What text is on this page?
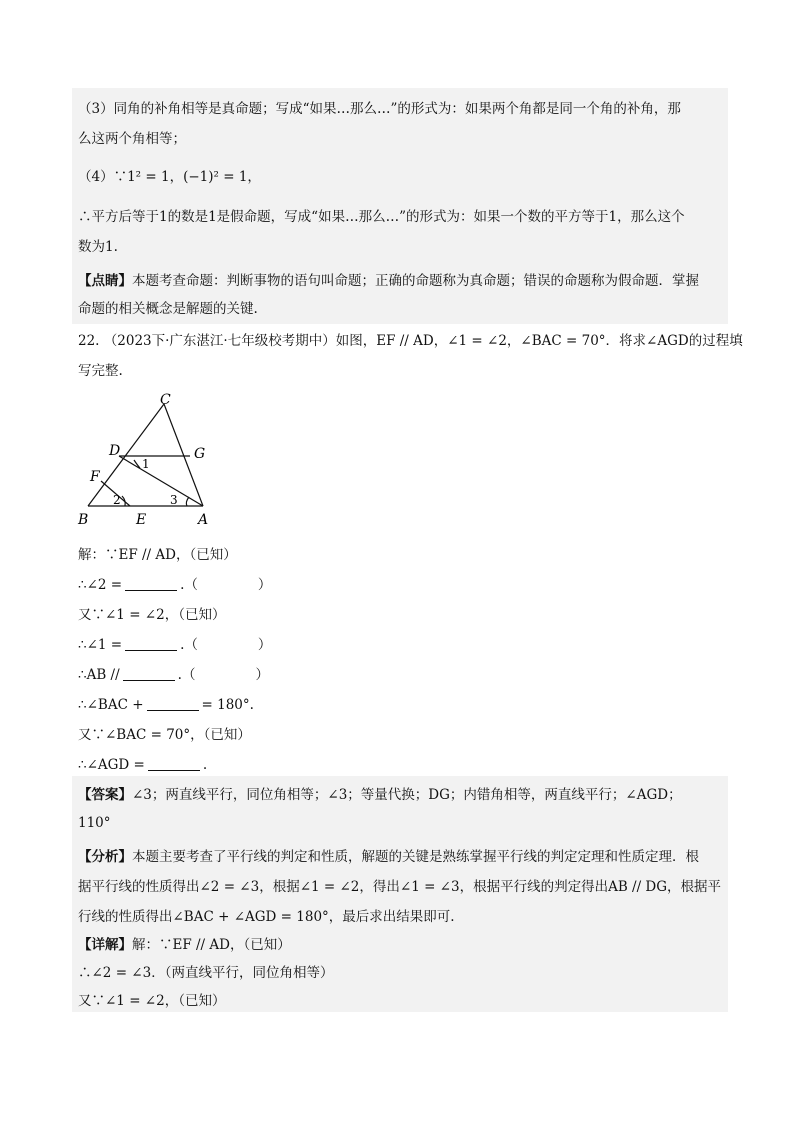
（3）同角的补角相等是真命题；写成“如果…那么…”的形式为：如果两个角都是同一个角的补角，那
么这两个角相等；
（4）∵1² = 1，(−1)² = 1，
∴平方后等于1的数是1是假命题，写成“如果…那么…”的形式为：如果一个数的平方等于1，那么这个
数为1.
【点睛】本题考查命题：判断事物的语句叫命题；正确的命题称为真命题；错误的命题称为假命题．掌握
命题的相关概念是解题的关键.
22. （2023下·广东湛江·七年级校考期中）如图，EF // AD，∠1 = ∠2，∠BAC = 70°．将求∠AGD的过程填
写完整.
C
D	G
F
B	E	A
1
2	3
解：∵EF // AD，（已知）
∴∠2 =	.（	）
又∵∠1 = ∠2，（已知）
∴∠1 =	.（	）
∴AB //	.（	）
∴∠BAC +	= 180°.
又∵∠BAC = 70°，（已知）
∴∠AGD =	.
【答案】∠3；两直线平行，同位角相等；∠3；等量代换；DG；内错角相等，两直线平行；∠AGD；
110°
【分析】本题主要考查了平行线的判定和性质，解题的关键是熟练掌握平行线的判定定理和性质定理．根
据平行线的性质得出∠2 = ∠3，根据∠1 = ∠2，得出∠1 = ∠3，根据平行线的判定得出AB // DG，根据平
行线的性质得出∠BAC + ∠AGD = 180°，最后求出结果即可.
【详解】解：∵EF // AD，（已知）
∴∠2 = ∠3．（两直线平行，同位角相等）
又∵∠1 = ∠2，（已知）
